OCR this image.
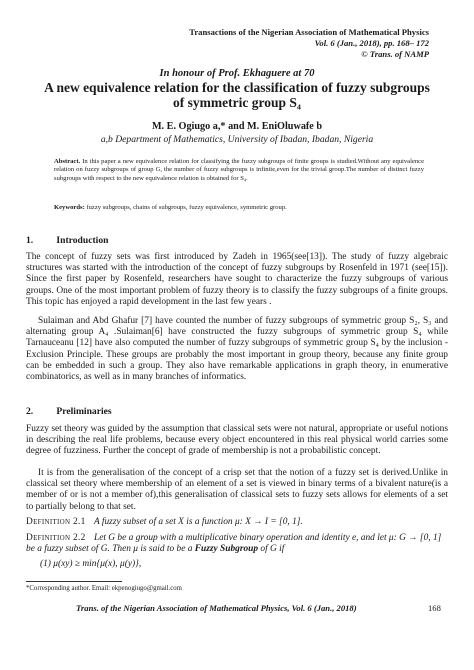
Transactions of the Nigerian Association of Mathematical Physics
Vol. 6 (Jan., 2018), pp. 168– 172
© Trans. of NAMP
In honour of Prof. Ekhaguere at 70
A new equivalence relation for the classification of fuzzy subgroups
of symmetric group S₄
M. E. Ogiugo a,* and M. EniOluwafe b
a,b Department of Mathematics, University of Ibadan, Ibadan, Nigeria
Abstract. In this paper a new equivalence relation for classifying the fuzzy subgroups of finite groups is studied.Without any equivalence relation on fuzzy subgroups of group G, the number of fuzzy subgroups is infinite,even for the trivial group.The number of distinct fuzzy subgroups with respect to the new equivalence relation is obtained for S₄.
Keywords: fuzzy subgroups, chains of subgroups, fuzzy equivalence, symmetric group.
1. Introduction
The concept of fuzzy sets was first introduced by Zadeh in 1965(see[13]). The study of fuzzy algebraic structures was started with the introduction of the concept of fuzzy subgroups by Rosenfeld in 1971 (see[15]). Since the first paper by Rosenfeld, researchers have sought to characterize the fuzzy subgroups of various groups. One of the most important problem of fuzzy theory is to classify the fuzzy subgroups of a finite groups. This topic has enjoyed a rapid development in the last few years .
Sulaiman and Abd Ghafur [7] have counted the number of fuzzy subgroups of symmetric group S₂, S₃ and alternating group A₄ .Sulaiman[6] have constructed the fuzzy subgroups of symmetric group S₄ while Tarnauceanu [12] have also computed the number of fuzzy subgroups of symmetric group S₄ by the inclusion -Exclusion Principle. These groups are probably the most important in group theory, because any finite group can be embedded in such a group. They also have remarkable applications in graph theory, in enumerative combinatorics, as well as in many branches of informatics.
2. Preliminaries
Fuzzy set theory was guided by the assumption that classical sets were not natural, appropriate or useful notions in describing the real life problems, because every object encountered in this real physical world carries some degree of fuzziness. Further the concept of grade of membership is not a probabilistic concept.
It is from the generalisation of the concept of a crisp set that the notion of a fuzzy set is derived.Unlike in classical set theory where membership of an element of a set is viewed in binary terms of a bivalent nature(is a member of or is not a member of),this generalisation of classical sets to fuzzy sets allows for elements of a set to partially belong to that set.
Definition 2.1 A fuzzy subset of a set X is a function μ: X → I = [0, 1].
Definition 2.2 Let G be a group with a multiplicative binary operation and identity e, and let μ: G → [0, 1] be a fuzzy subset of G. Then μ is said to be a Fuzzy Subgroup of G if
(1) μ(xy) ≥ min{μ(x), μ(y)},
*Corresponding author. Email: ekpenogiugo@gmail.com
Trans. of the Nigerian Association of Mathematical Physics, Vol. 6 (Jan., 2018)	168
